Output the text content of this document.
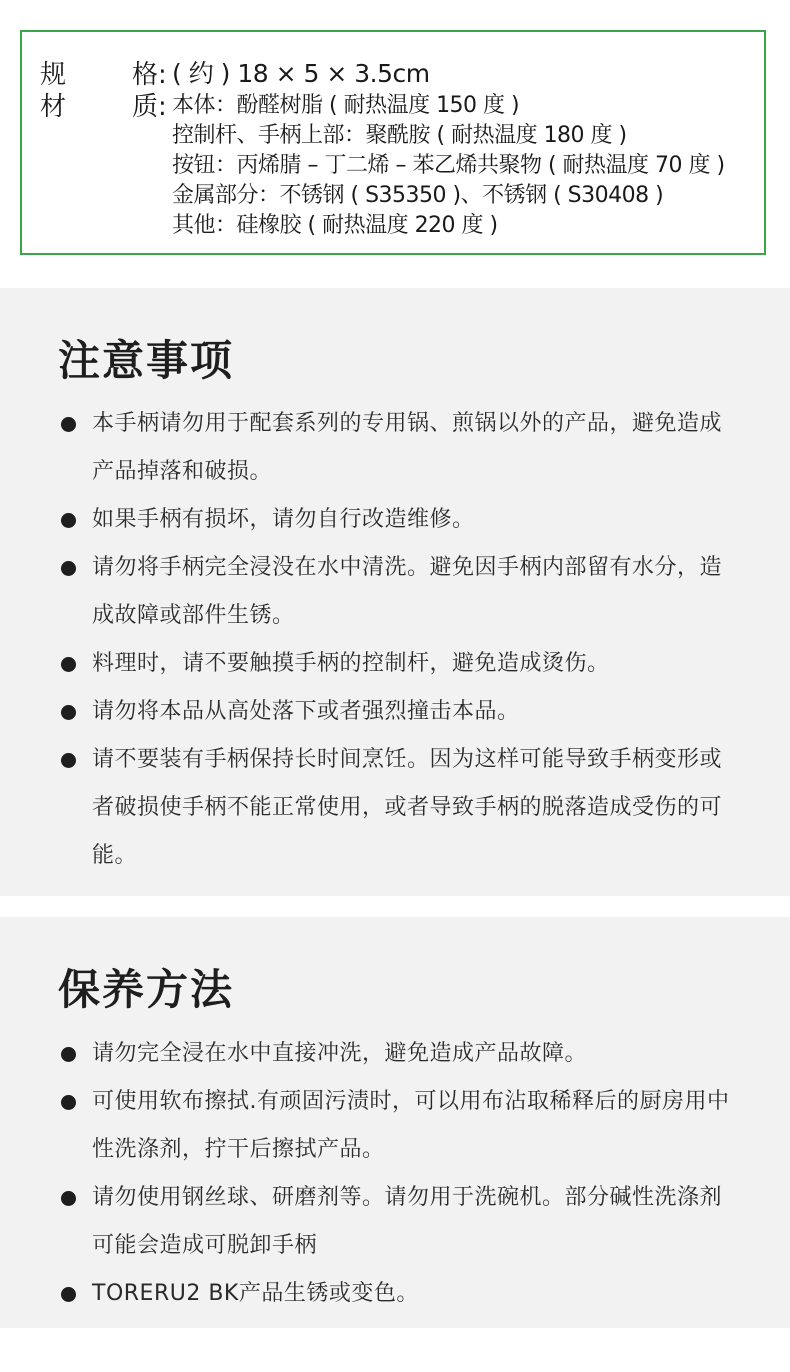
规	格: ( 约 ) 18 × 5 × 3.5cm
材	质: 本体：酚醛树脂 ( 耐热温度 150 度 )
控制杆、手柄上部：聚酰胺 ( 耐热温度 180 度 )
按钮：丙烯腈 – 丁二烯 – 苯乙烯共聚物 ( 耐热温度 70 度 )
金属部分：不锈钢 ( S35350 )、不锈钢 ( S30408 )
其他：硅橡胶 ( 耐热温度 220 度 )
注意事项
本手柄请勿用于配套系列的专用锅、煎锅以外的产品，避免造成产品掉落和破损。
如果手柄有损坏，请勿自行改造维修。
请勿将手柄完全浸没在水中清洗。避免因手柄内部留有水分，造成故障或部件生锈。
料理时，请不要触摸手柄的控制杆，避免造成烫伤。
请勿将本品从高处落下或者强烈撞击本品。
请不要装有手柄保持长时间烹饪。因为这样可能导致手柄变形或者破损使手柄不能正常使用，或者导致手柄的脱落造成受伤的可能。
保养方法
请勿完全浸在水中直接冲洗，避免造成产品故障。
可使用软布擦拭.有顽固污渍时，可以用布沾取稀释后的厨房用中性洗涤剂，拧干后擦拭产品。
请勿使用钢丝球、研磨剂等。请勿用于洗碗机。部分碱性洗涤剂可能会造成可脱卸手柄
TORERU2 BK产品生锈或变色。
